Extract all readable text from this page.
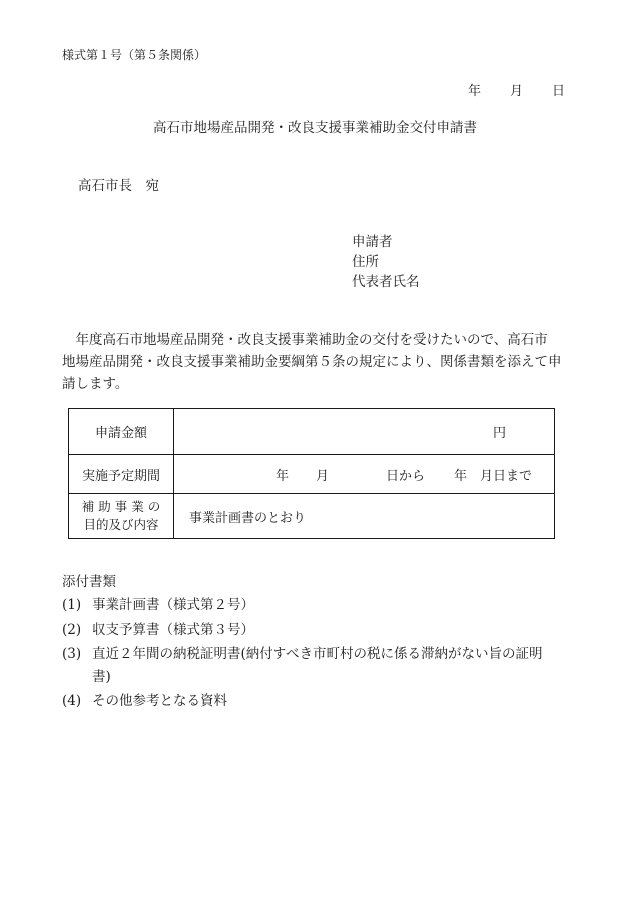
様式第１号（第５条関係）
年 月 日
高石市地場産品開発・改良支援事業補助金交付申請書
高石市長　宛
申請者
住所
代表者氏名
　年度高石市地場産品開発・改良支援事業補助金の交付を受けたいので、高石市
地場産品開発・改良支援事業補助金要綱第５条の規定により、関係書類を添えて申
請します。
申請金額	円
実施予定期間	年 月 日から 年 月日まで

補 助 事 業 の
目的及び内容	事業計画書のとおり
添付書類
(1) 事業計画書（様式第２号）
(2) 収支予算書（様式第３号）
(3) 直近２年間の納税証明書(納付すべき市町村の税に係る滞納がない旨の証明
書)
(4) その他参考となる資料
